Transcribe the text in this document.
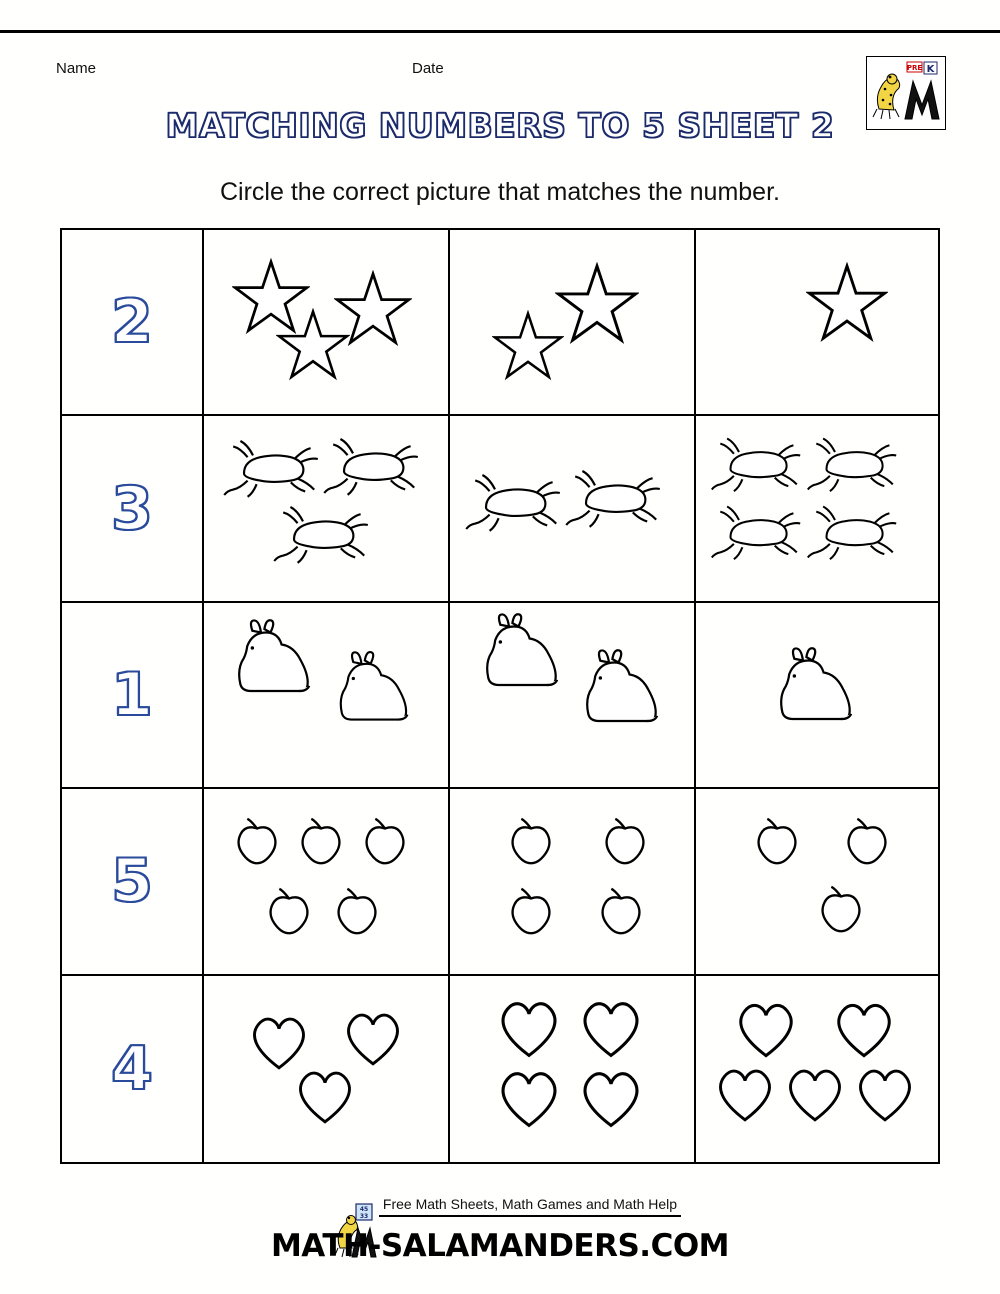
Name	Date	PRE K
MATCHING NUMBERS TO 5 SHEET 2
Circle the correct picture that matches the number.
2
3
1
5
4
45
33
Free Math Sheets, Math Games and Math Help
MATH-SALAMANDERS.COM
